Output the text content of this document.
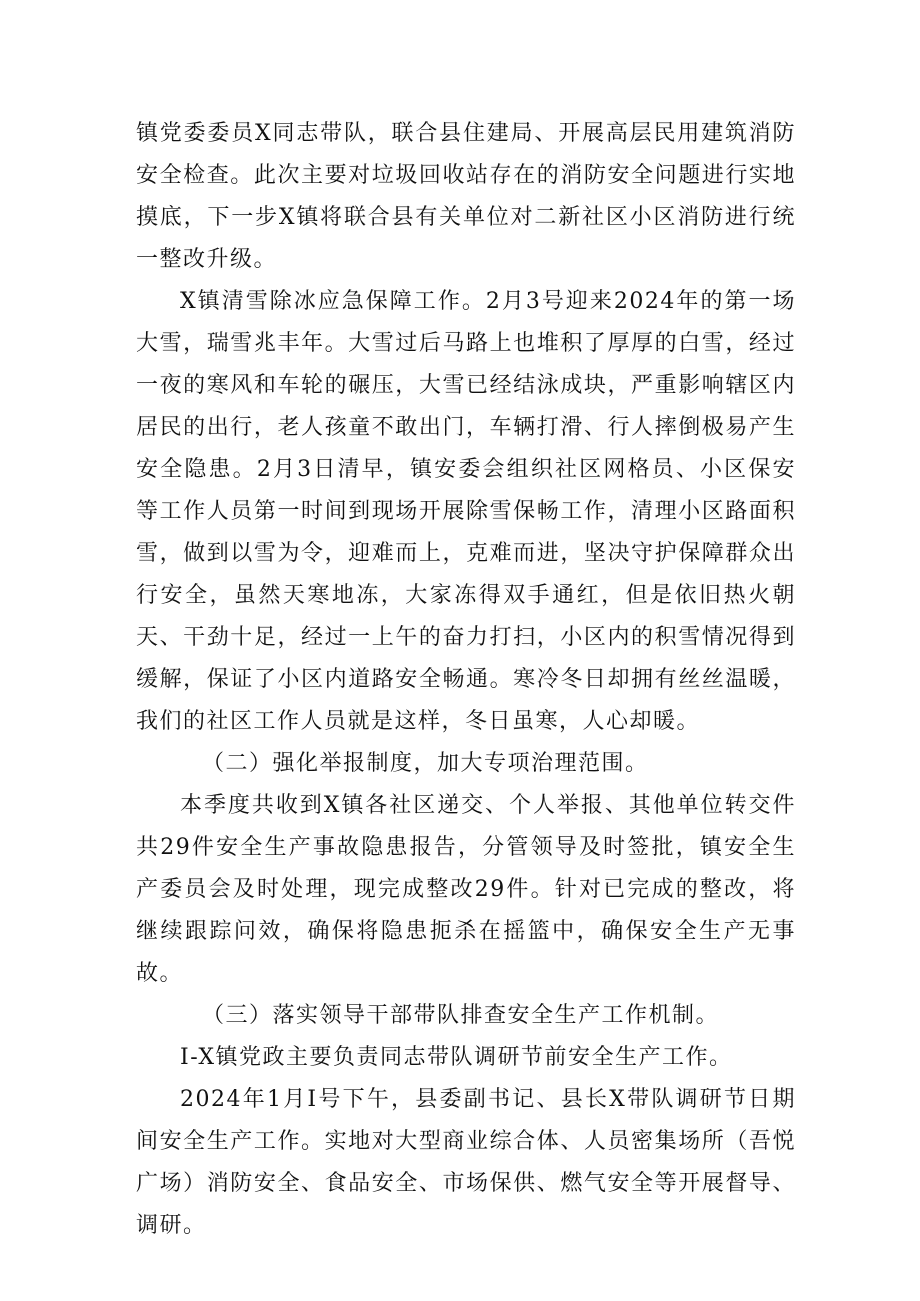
镇党委委员X同志带队，联合县住建局、开展高层民用建筑消防安全检查。此次主要对垃圾回收站存在的消防安全问题进行实地摸底，下一步X镇将联合县有关单位对二新社区小区消防进行统一整改升级。

X镇清雪除冰应急保障工作。2月3号迎来2024年的第一场大雪，瑞雪兆丰年。大雪过后马路上也堆积了厚厚的白雪，经过一夜的寒风和车轮的碾压，大雪已经结泳成块，严重影响辖区内居民的出行，老人孩童不敢出门，车辆打滑、行人摔倒极易产生安全隐患。2月3日清早，镇安委会组织社区网格员、小区保安等工作人员第一时间到现场开展除雪保畅工作，清理小区路面积雪，做到以雪为令，迎难而上，克难而进，坚决守护保障群众出行安全，虽然天寒地冻，大家冻得双手通红，但是依旧热火朝天、干劲十足，经过一上午的奋力打扫，小区内的积雪情况得到缓解，保证了小区内道路安全畅通。寒冷冬日却拥有丝丝温暖，我们的社区工作人员就是这样，冬日虽寒，人心却暖。

（二）强化举报制度，加大专项治理范围。

本季度共收到X镇各社区递交、个人举报、其他单位转交件共29件安全生产事故隐患报告，分管领导及时签批，镇安全生产委员会及时处理，现完成整改29件。针对已完成的整改，将继续跟踪问效，确保将隐患扼杀在摇篮中，确保安全生产无事故。

（三）落实领导干部带队排查安全生产工作机制。

I-X镇党政主要负责同志带队调研节前安全生产工作。

2024年1月I号下午，县委副书记、县长X带队调研节日期间安全生产工作。实地对大型商业综合体、人员密集场所（吾悦广场）消防安全、食品安全、市场保供、燃气安全等开展督导、调研。
